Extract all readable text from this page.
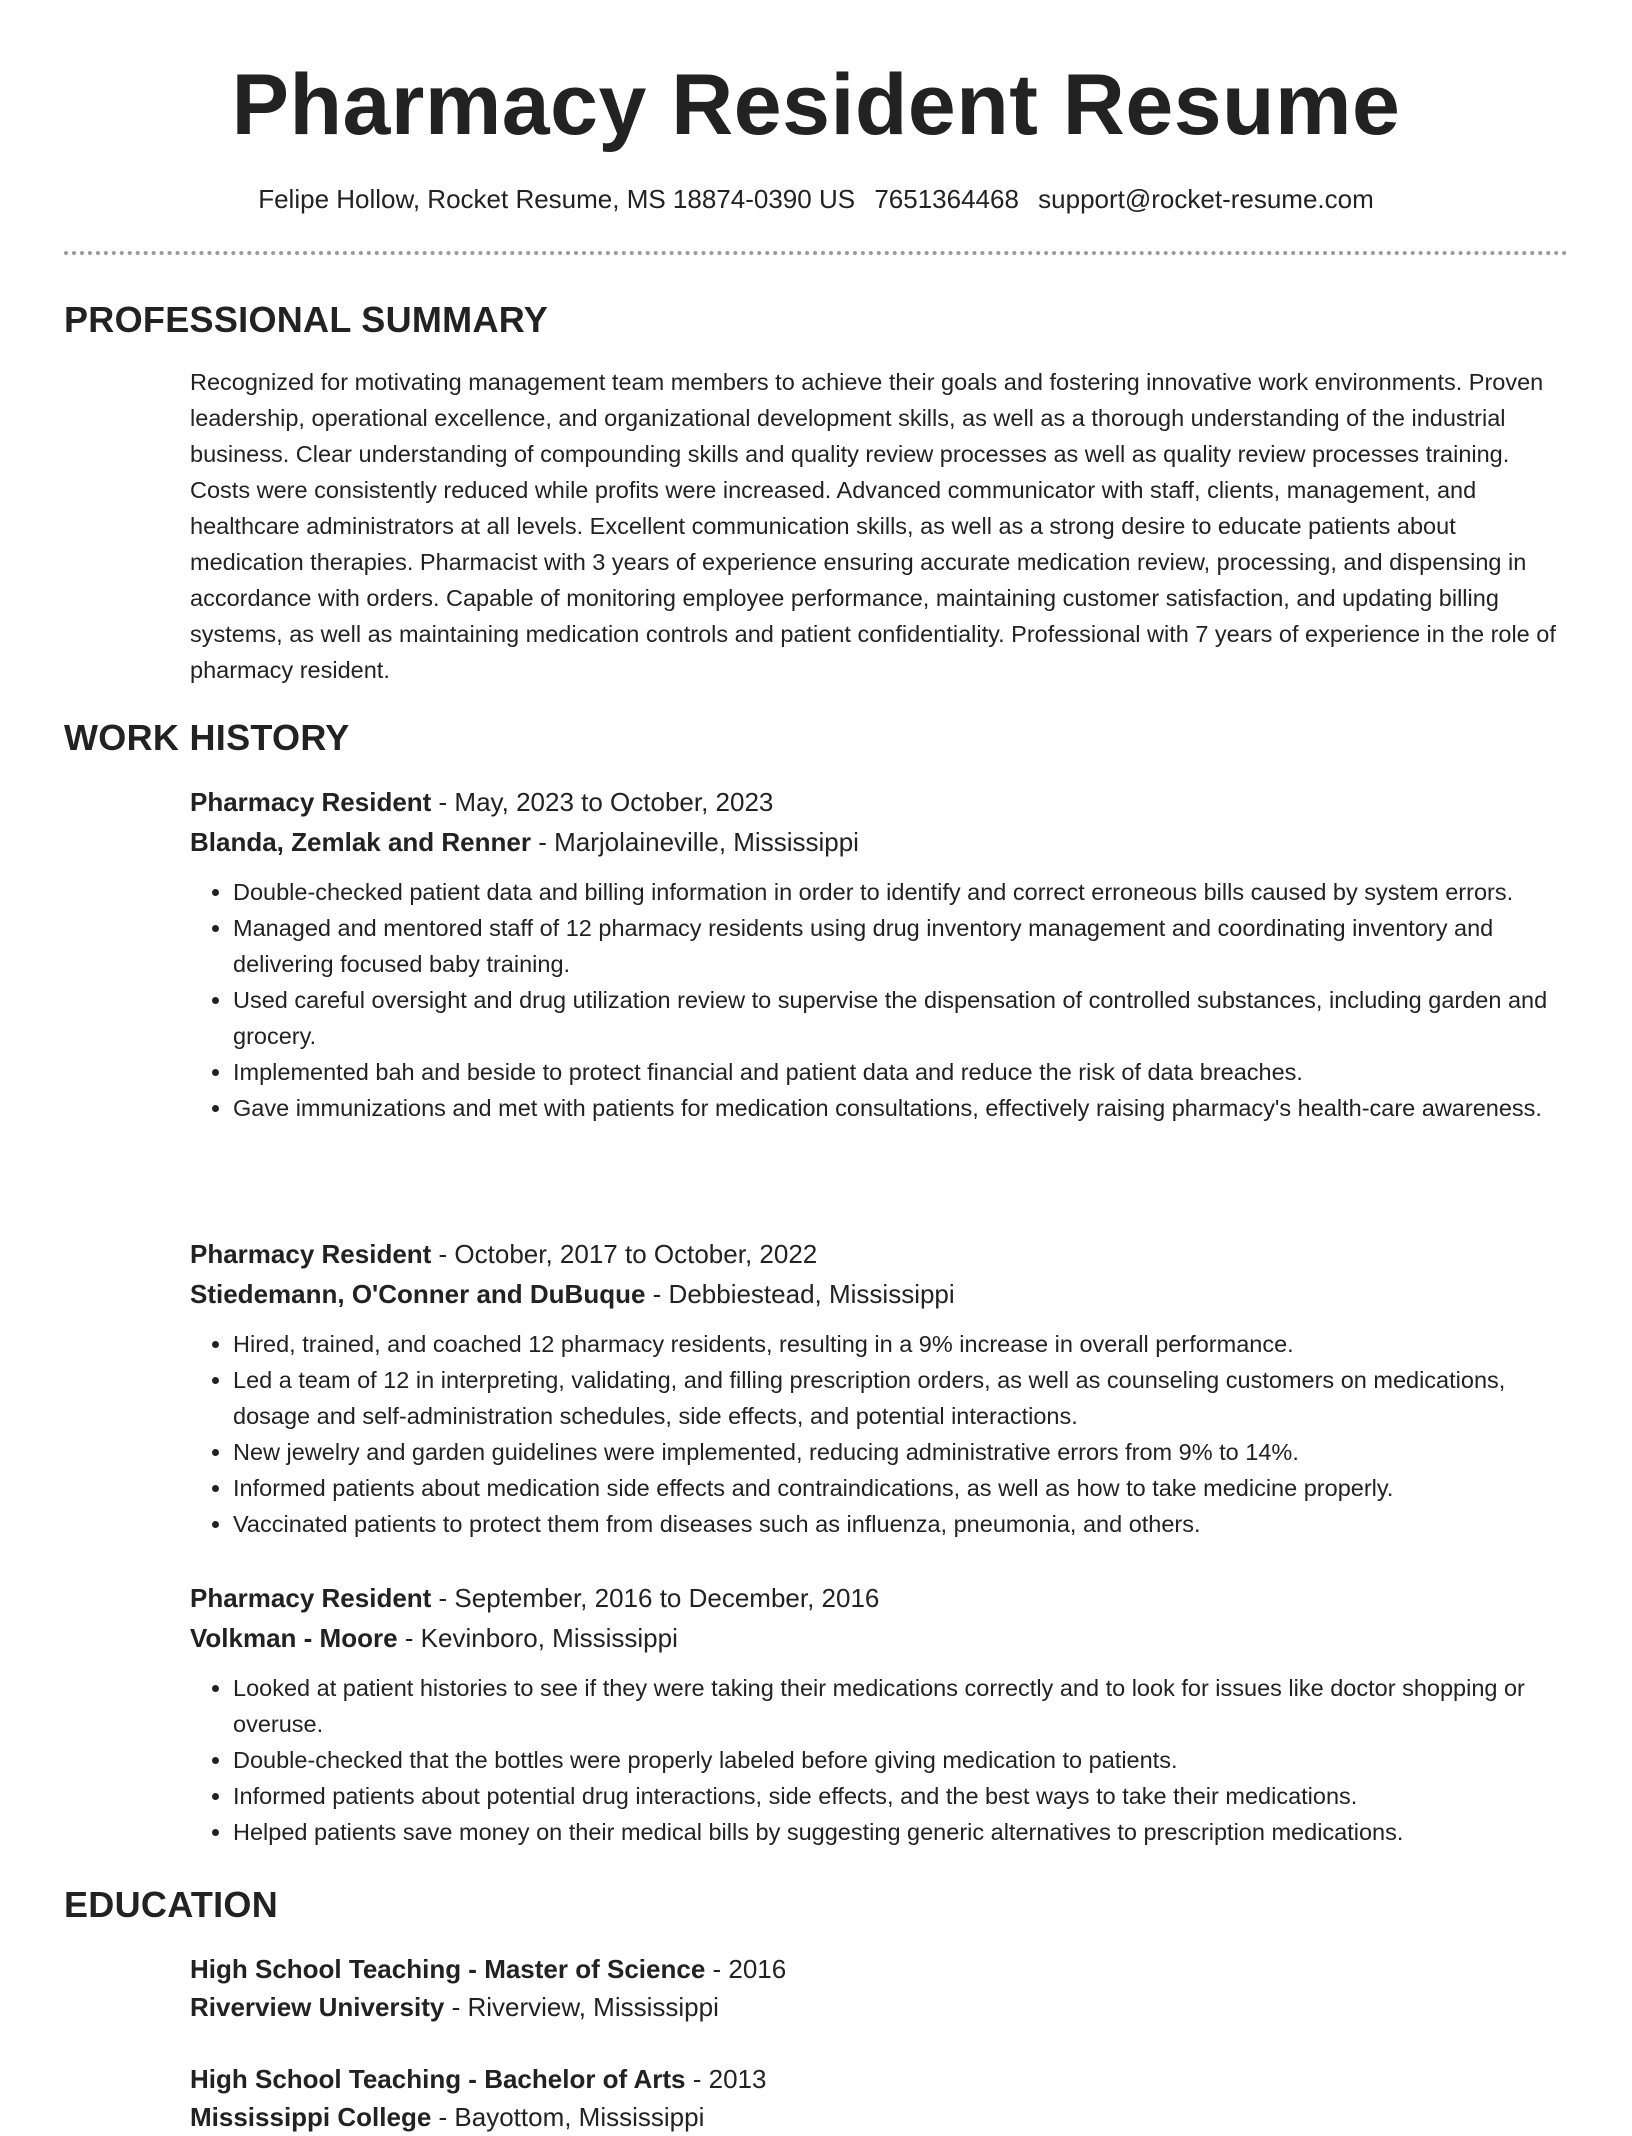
Pharmacy Resident Resume
Felipe Hollow, Rocket Resume, MS 18874-0390 US 7651364468 support@rocket-resume.com
PROFESSIONAL SUMMARY
Recognized for motivating management team members to achieve their goals and fostering innovative work environments. Proven leadership, operational excellence, and organizational development skills, as well as a thorough understanding of the industrial business. Clear understanding of compounding skills and quality review processes as well as quality review processes training. Costs were consistently reduced while profits were increased. Advanced communicator with staff, clients, management, and healthcare administrators at all levels. Excellent communication skills, as well as a strong desire to educate patients about medication therapies. Pharmacist with 3 years of experience ensuring accurate medication review, processing, and dispensing in accordance with orders. Capable of monitoring employee performance, maintaining customer satisfaction, and updating billing systems, as well as maintaining medication controls and patient confidentiality. Professional with 7 years of experience in the role of pharmacy resident.
WORK HISTORY
Pharmacy Resident - May, 2023 to October, 2023
Blanda, Zemlak and Renner - Marjolaineville, Mississippi
• Double-checked patient data and billing information in order to identify and correct erroneous bills caused by system errors.
• Managed and mentored staff of 12 pharmacy residents using drug inventory management and coordinating inventory and delivering focused baby training.
• Used careful oversight and drug utilization review to supervise the dispensation of controlled substances, including garden and grocery.
• Implemented bah and beside to protect financial and patient data and reduce the risk of data breaches.
• Gave immunizations and met with patients for medication consultations, effectively raising pharmacy's health-care awareness.
Pharmacy Resident - October, 2017 to October, 2022
Stiedemann, O'Conner and DuBuque - Debbiestead, Mississippi
• Hired, trained, and coached 12 pharmacy residents, resulting in a 9% increase in overall performance.
• Led a team of 12 in interpreting, validating, and filling prescription orders, as well as counseling customers on medications, dosage and self-administration schedules, side effects, and potential interactions.
• New jewelry and garden guidelines were implemented, reducing administrative errors from 9% to 14%.
• Informed patients about medication side effects and contraindications, as well as how to take medicine properly.
• Vaccinated patients to protect them from diseases such as influenza, pneumonia, and others.
Pharmacy Resident - September, 2016 to December, 2016
Volkman - Moore - Kevinboro, Mississippi
• Looked at patient histories to see if they were taking their medications correctly and to look for issues like doctor shopping or overuse.
• Double-checked that the bottles were properly labeled before giving medication to patients.
• Informed patients about potential drug interactions, side effects, and the best ways to take their medications.
• Helped patients save money on their medical bills by suggesting generic alternatives to prescription medications.
EDUCATION
High School Teaching - Master of Science - 2016
Riverview University - Riverview, Mississippi
High School Teaching - Bachelor of Arts - 2013
Mississippi College - Bayottom, Mississippi
